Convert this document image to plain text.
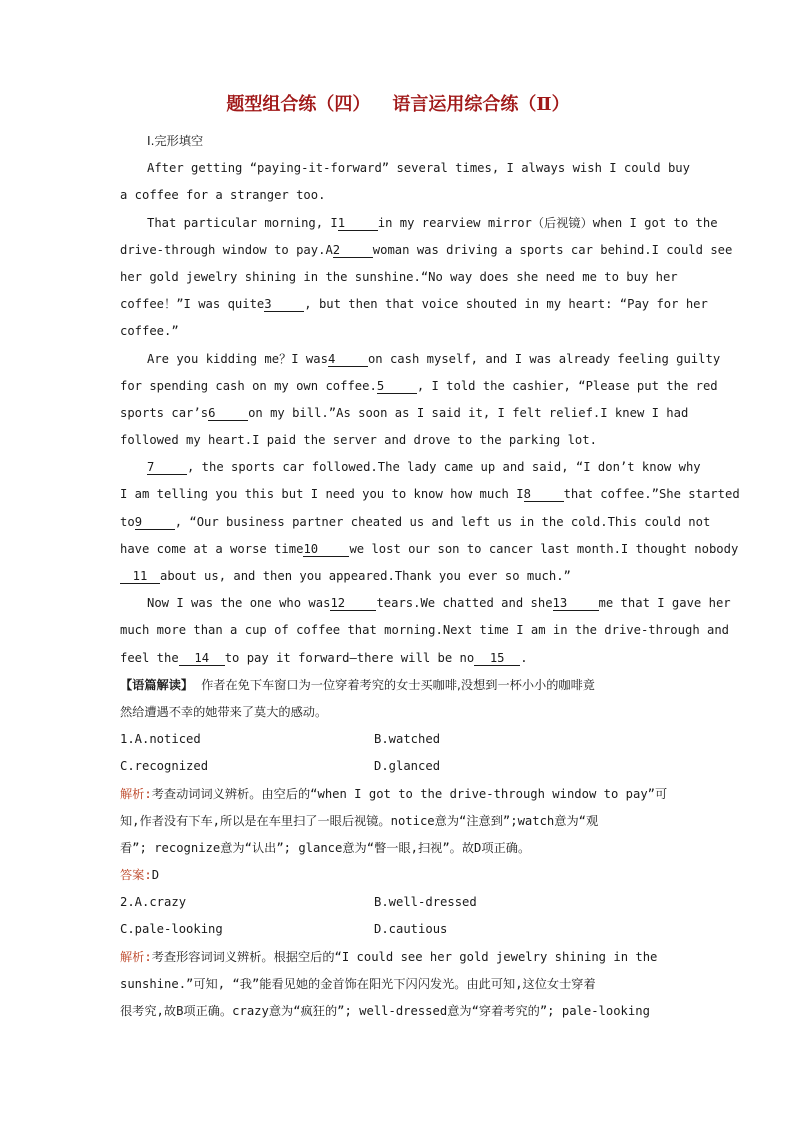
题型组合练（四） 语言运用综合练（Ⅱ）
Ⅰ.完形填空
After getting “paying-it-forward” several times, I always wish I could buy
a coffee for a stranger too.
That particular morning, I1	in my rearview mirror（后视镜）when I got to the
drive-through window to pay.A2	woman was driving a sports car behind.I could see
her gold jewelry shining in the sunshine.“No way does she need me to buy her
coffee！”I was quite3	, but then that voice shouted in my heart: “Pay for her
coffee.”
Are you kidding me？I was4	on cash myself, and I was already feeling guilty
for spending cash on my own coffee.5	, I told the cashier, “Please put the red
sports car’s6	on my bill.”As soon as I said it, I felt relief.I knew I had
followed my heart.I paid the server and drove to the parking lot.
7	, the sports car followed.The lady came up and said, “I don’t know why
I am telling you this but I need you to know how much I8	that coffee.”She started
to9	, “Our business partner cheated us and left us in the cold.This could not
have come at a worse time10	we lost our son to cancer last month.I thought nobody
11 about us, and then you appeared.Thank you ever so much.”
Now I was the one who was12	tears.We chatted and she13	me that I gave her
much more than a cup of coffee that morning.Next time I am in the drive-through and
feel the 14 to pay it forward—there will be no 15 .
【语篇解读】 作者在免下车窗口为一位穿着考究的女士买咖啡,没想到一杯小小的咖啡竟
然给遭遇不幸的她带来了莫大的感动。
1.A.noticed	B.watched
C.recognized	D.glanced
解析:考查动词词义辨析。由空后的“when I got to the drive-through window to pay”可
知,作者没有下车,所以是在车里扫了一眼后视镜。notice意为“注意到”;watch意为“观
看”; recognize意为“认出”; glance意为“瞥一眼,扫视”。故D项正确。
答案:D
2.A.crazy	B.well-dressed
C.pale-looking	D.cautious
解析:考查形容词词义辨析。根据空后的“I could see her gold jewelry shining in the
sunshine.”可知, “我”能看见她的金首饰在阳光下闪闪发光。由此可知,这位女士穿着
很考究,故B项正确。crazy意为“疯狂的”; well-dressed意为“穿着考究的”; pale-looking
